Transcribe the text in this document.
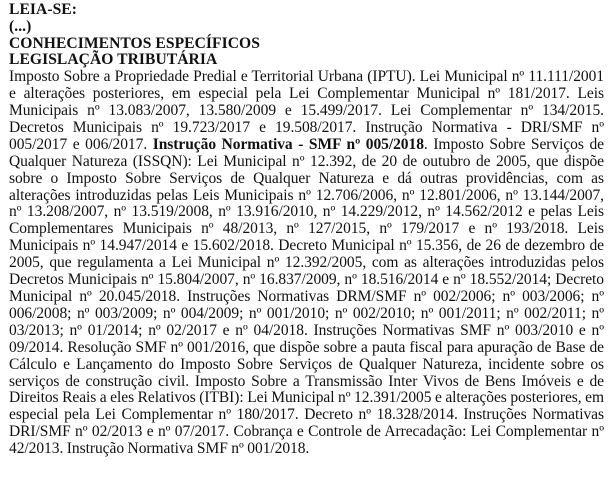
LEIA-SE:

(...)

CONHECIMENTOS ESPECÍFICOS

LEGISLAÇÃO TRIBUTÁRIA

Imposto Sobre a Propriedade Predial e Territorial Urbana (IPTU). Lei Municipal nº 11.111/2001 e alterações posteriores, em especial pela Lei Complementar Municipal nº 181/2017. Leis Municipais nº 13.083/2007, 13.580/2009 e 15.499/2017. Lei Complementar nº 134/2015. Decretos Municipais nº 19.723/2017 e 19.508/2017. Instrução Normativa - DRI/SMF nº 005/2017 e 006/2017. Instrução Normativa - SMF nº 005/2018. Imposto Sobre Serviços de Qualquer Natureza (ISSQN): Lei Municipal nº 12.392, de 20 de outubro de 2005, que dispõe sobre o Imposto Sobre Serviços de Qualquer Natureza e dá outras providências, com as alterações introduzidas pelas Leis Municipais nº 12.706/2006, nº 12.801/2006, nº 13.144/2007, nº 13.208/2007, nº 13.519/2008, nº 13.916/2010, nº 14.229/2012, nº 14.562/2012 e pelas Leis Complementares Municipais nº 48/2013, nº 127/2015, nº 179/2017 e nº 193/2018. Leis Municipais nº 14.947/2014 e 15.602/2018. Decreto Municipal nº 15.356, de 26 de dezembro de 2005, que regulamenta a Lei Municipal nº 12.392/2005, com as alterações introduzidas pelos Decretos Municipais nº 15.804/2007, nº 16.837/2009, nº 18.516/2014 e nº 18.552/2014; Decreto Municipal nº 20.045/2018. Instruções Normativas DRM/SMF nº 002/2006; nº 003/2006; nº 006/2008; nº 003/2009; nº 004/2009; nº 001/2010; nº 002/2010; nº 001/2011; nº 002/2011; nº 03/2013; nº 01/2014; nº 02/2017 e nº 04/2018. Instruções Normativas SMF nº 003/2010 e nº 09/2014. Resolução SMF nº 001/2016, que dispõe sobre a pauta fiscal para apuração de Base de Cálculo e Lançamento do Imposto Sobre Serviços de Qualquer Natureza, incidente sobre os serviços de construção civil. Imposto Sobre a Transmissão Inter Vivos de Bens Imóveis e de Direitos Reais a eles Relativos (ITBI): Lei Municipal nº 12.391/2005 e alterações posteriores, em especial pela Lei Complementar nº 180/2017. Decreto nº 18.328/2014. Instruções Normativas DRI/SMF nº 02/2013 e nº 07/2017. Cobrança e Controle de Arrecadação: Lei Complementar nº 42/2013. Instrução Normativa SMF nº 001/2018.
